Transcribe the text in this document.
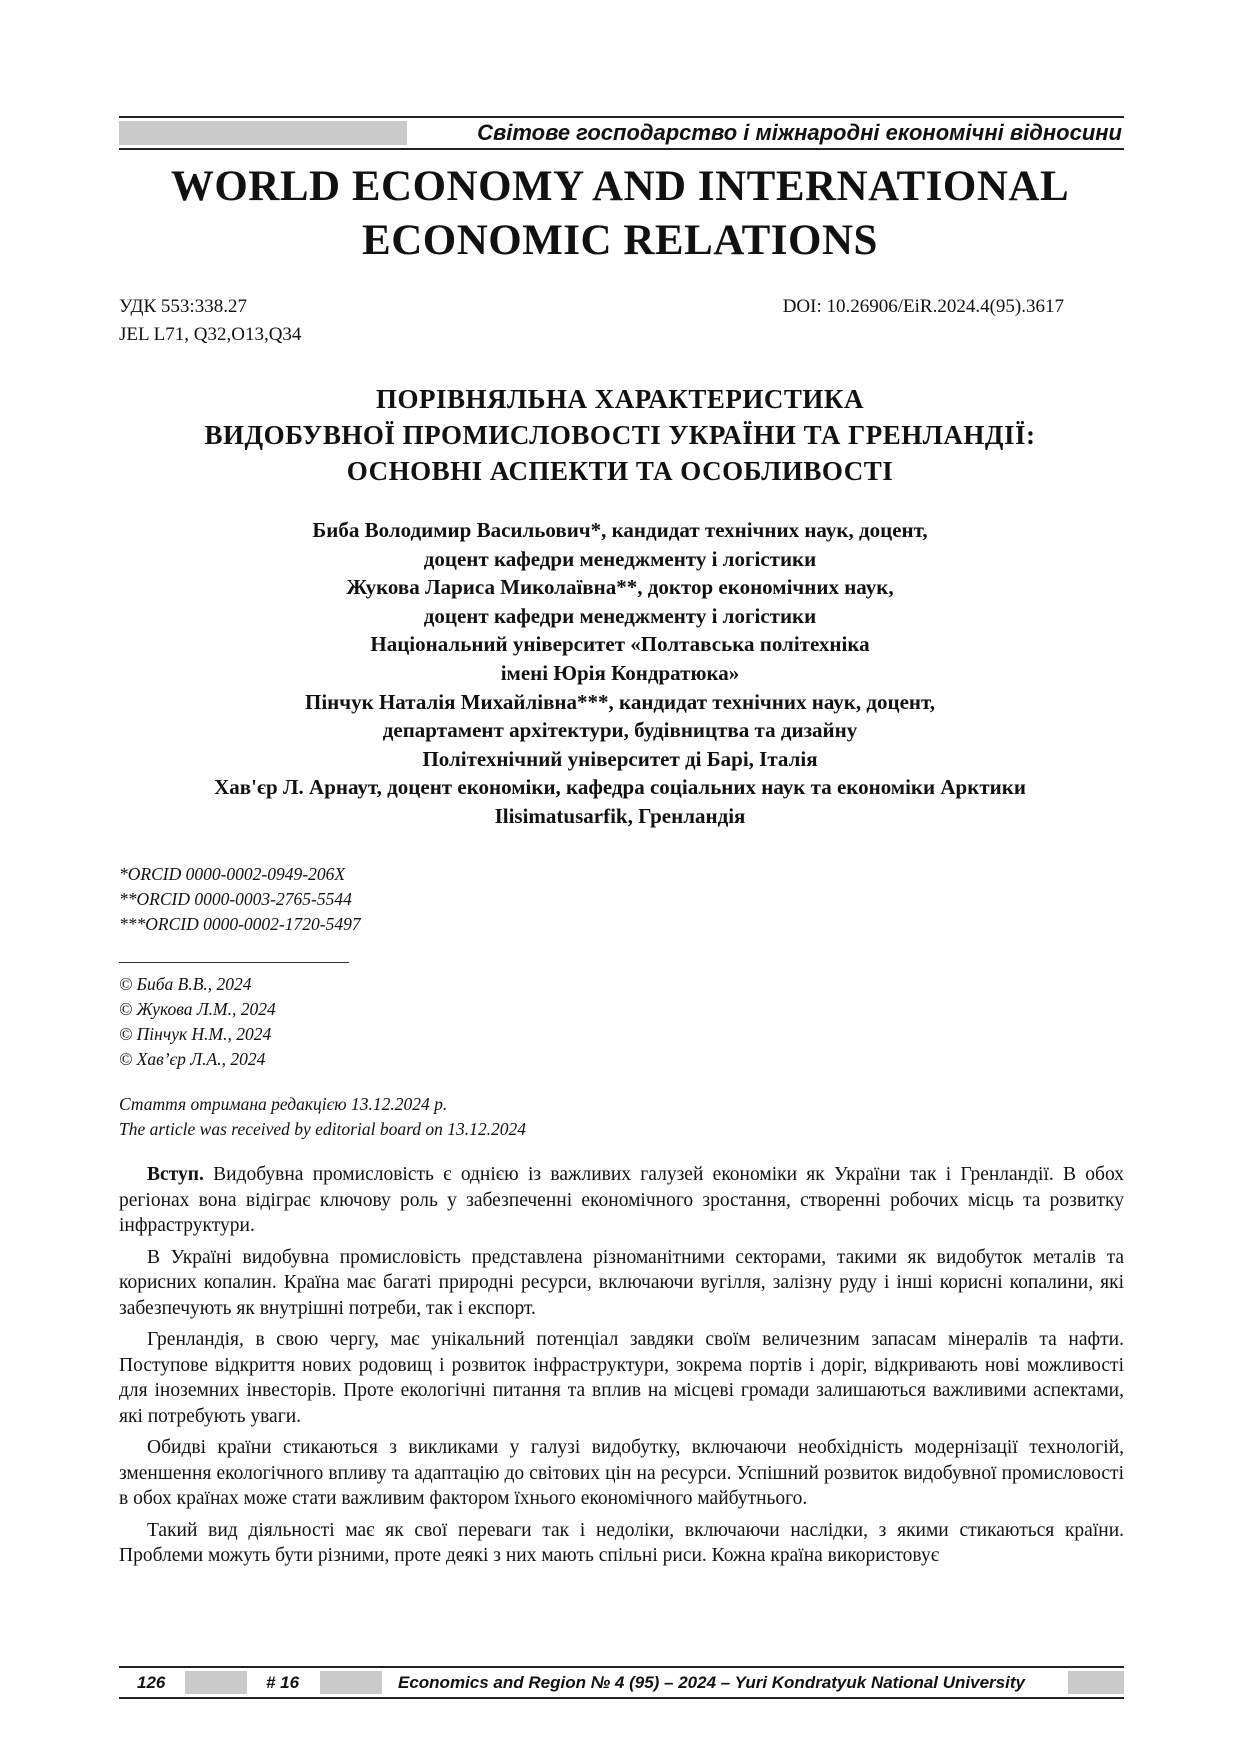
Світове господарство і міжнародні економічні відносини
WORLD ECONOMY AND INTERNATIONAL
ECONOMIC RELATIONS
УДК 553:338.27
JEL L71, Q32,O13,Q34
DOI: 10.26906/EiR.2024.4(95).3617
ПОРІВНЯЛЬНА ХАРАКТЕРИСТИКА
ВИДОБУВНОЇ ПРОМИСЛОВОСТІ УКРАЇНИ ТА ГРЕНЛАНДІЇ:
ОСНОВНІ АСПЕКТИ ТА ОСОБЛИВОСТІ
Биба Володимир Васильович*, кандидат технічних наук, доцент,
доцент кафедри менеджменту і логістики
Жукова Лариса Миколаївна**, доктор економічних наук,
доцент кафедри менеджменту і логістики
Національний університет «Полтавська політехніка
імені Юрія Кондратюка»
Пінчук Наталія Михайлівна***, кандидат технічних наук, доцент,
департамент архітектури, будівництва та дизайну
Політехнічний університет ді Барі, Італія
Хав'єр Л. Арнаут, доцент економіки, кафедра соціальних наук та економіки Арктики
Ilisimatusarfik, Гренландія
*ORCID 0000-0002-0949-206X
**ORCID 0000-0003-2765-5544
***ORCID 0000-0002-1720-5497
© Биба В.В., 2024
© Жукова Л.М., 2024
© Пінчук Н.М., 2024
© Хав’єр Л.А., 2024
Стаття отримана редакцією 13.12.2024 р.
The article was received by editorial board on 13.12.2024

Вступ. Видобувна промисловість є однією із важливих галузей економіки як України так і Гренландії. В обох регіонах вона відіграє ключову роль у забезпеченні економічного зростання, створенні робочих місць та розвитку інфраструктури.

В Україні видобувна промисловість представлена різноманітними секторами, такими як видобуток металів та корисних копалин. Країна має багаті природні ресурси, включаючи вугілля, залізну руду і інші корисні копалини, які забезпечують як внутрішні потреби, так і експорт.

Гренландія, в свою чергу, має унікальний потенціал завдяки своїм величезним запасам мінералів та нафти. Поступове відкриття нових родовищ і розвиток інфраструктури, зокрема портів і доріг, відкривають нові можливості для іноземних інвесторів. Проте екологічні питання та вплив на місцеві громади залишаються важливими аспектами, які потребують уваги.

Обидві країни стикаються з викликами у галузі видобутку, включаючи необхідність модернізації технологій, зменшення екологічного впливу та адаптацію до світових цін на ресурси. Успішний розвиток видобувної промисловості в обох країнах може стати важливим фактором їхнього економічного майбутнього.

Такий вид діяльності має як свої переваги так і недоліки, включаючи наслідки, з якими стикаються країни. Проблеми можуть бути різними, проте деякі з них мають спільні риси. Кожна країна використовує

126	# 16	Economics and Region № 4 (95) – 2024 – Yuri Kondratyuk National University
